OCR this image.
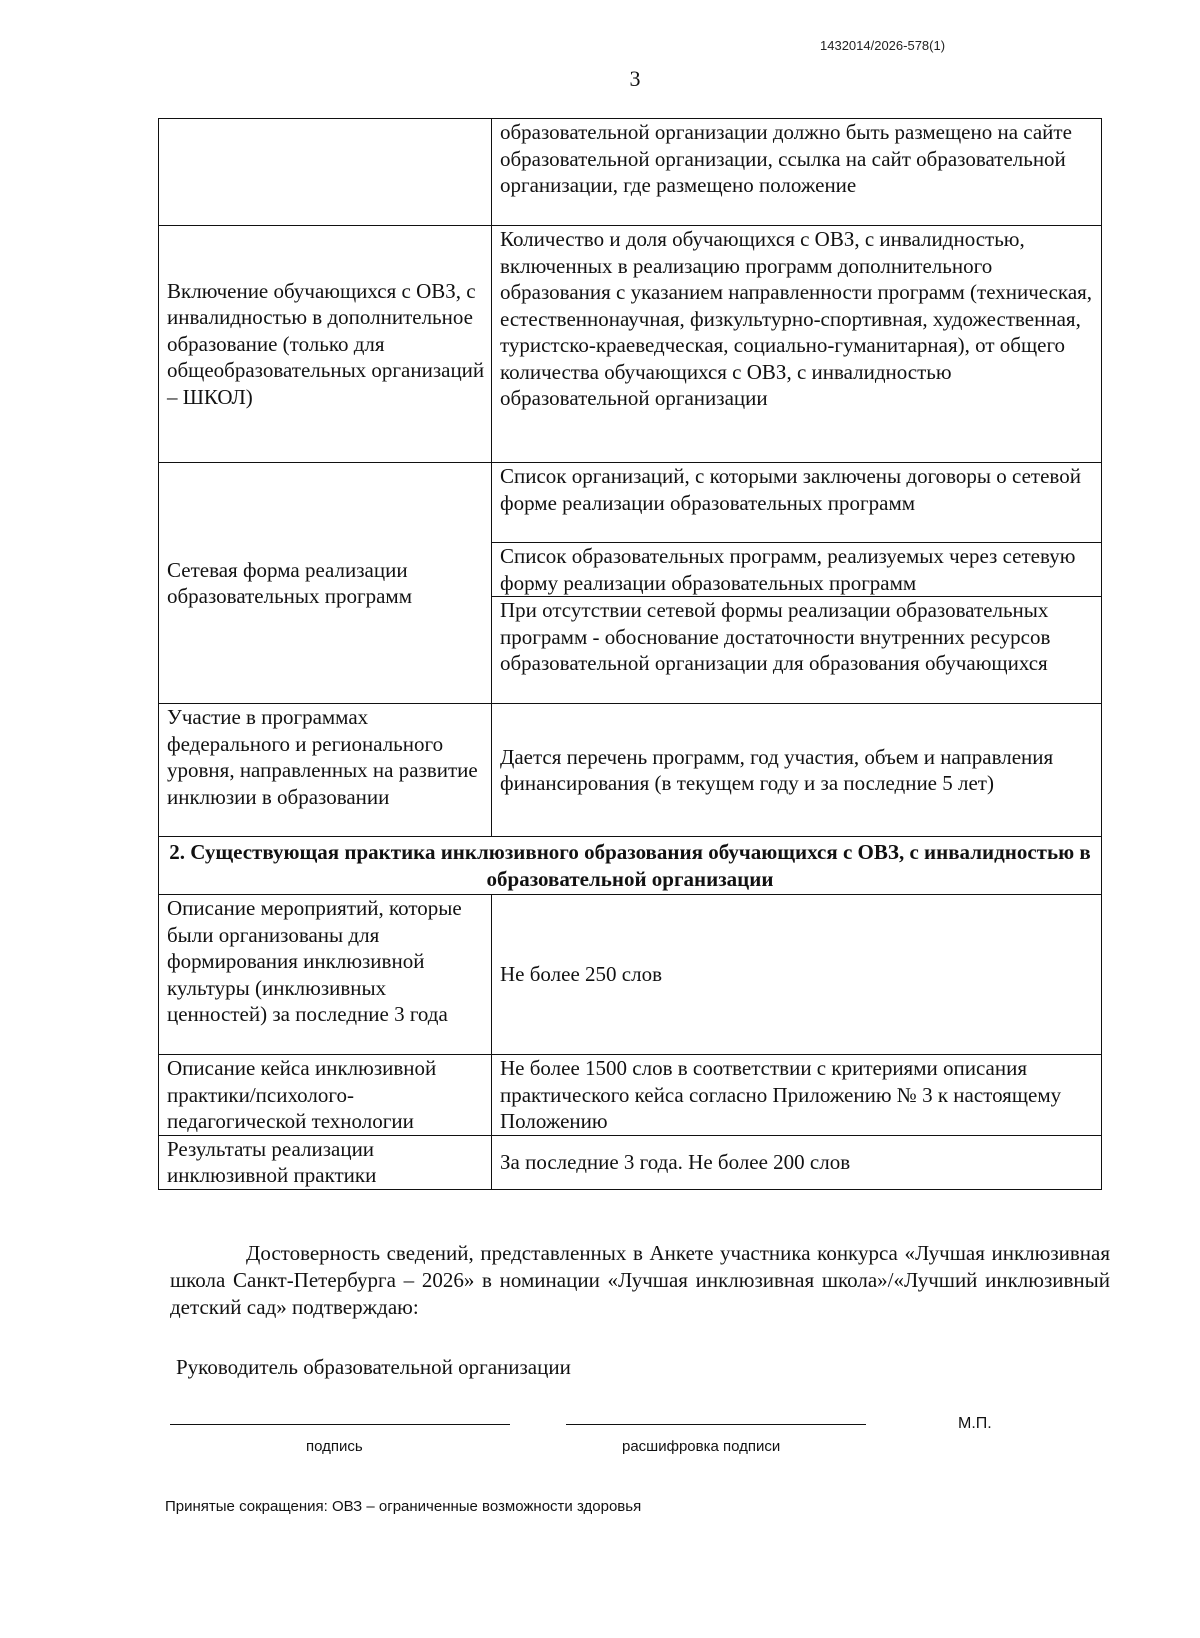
1432014/2026-578(1)
3
	образовательной организации должно быть размещено на сайте образовательной организации, ссылка на сайт образовательной организации, где размещено положение
Включение обучающихся с ОВЗ, с инвалидностью в дополнительное образование (только для общеобразовательных организаций – ШКОЛ)	Количество и доля обучающихся с ОВЗ, с инвалидностью, включенных в реализацию программ дополнительного образования с указанием направленности программ (техническая, естественнонаучная, физкультурно-спортивная, художественная, туристско-краеведческая, социально-гуманитарная), от общего количества обучающихся с ОВЗ, с инвалидностью образовательной организации
Сетевая форма реализации образовательных программ	Список организаций, с которыми заключены договоры о сетевой форме реализации образовательных программ
	Список образовательных программ, реализуемых через сетевую форму реализации образовательных программ
	При отсутствии сетевой формы реализации образовательных программ - обоснование достаточности внутренних ресурсов образовательной организации для образования обучающихся
Участие в программах федерального и регионального уровня, направленных на развитие инклюзии в образовании	Дается перечень программ, год участия, объем и направления финансирования (в текущем году и за последние 5 лет)
2. Существующая практика инклюзивного образования обучающихся с ОВЗ, с инвалидностью в образовательной организации	
Описание мероприятий, которые были организованы для формирования инклюзивной культуры (инклюзивных ценностей) за последние 3 года	Не более 250 слов
Описание кейса инклюзивной практики/психолого-педагогической технологии	Не более 1500 слов в соответствии с критериями описания практического кейса согласно Приложению № 3 к настоящему Положению
Результаты реализации инклюзивной практики	За последние 3 года. Не более 200 слов
Достоверность сведений, представленных в Анкете участника конкурса «Лучшая инклюзивная школа Санкт-Петербурга – 2026» в номинации «Лучшая инклюзивная школа»/«Лучший инклюзивный детский сад» подтверждаю:
Руководитель образовательной организации
подпись	расшифровка подписи
М.П.
Принятые сокращения: ОВЗ – ограниченные возможности здоровья
